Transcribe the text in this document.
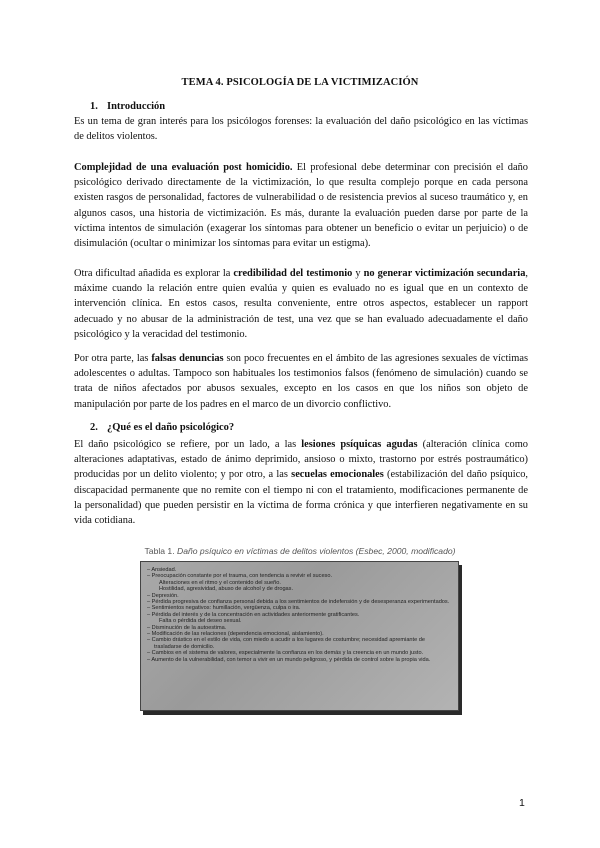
TEMA 4. PSICOLOGÍA DE LA VICTIMIZACIÓN
1. Introducción

Es un tema de gran interés para los psicólogos forenses: la evaluación del daño psicológico en las víctimas de delitos violentos.

Complejidad de una evaluación post homicidio. El profesional debe determinar con precisión el daño psicológico derivado directamente de la victimización, lo que resulta complejo porque en cada persona existen rasgos de personalidad, factores de vulnerabilidad o de resistencia previos al suceso traumático y, en algunos casos, una historia de victimización. Es más, durante la evaluación pueden darse por parte de la víctima intentos de simulación (exagerar los síntomas para obtener un beneficio o evitar un perjuicio) o de disimulación (ocultar o minimizar los síntomas para evitar un estigma).

Otra dificultad añadida es explorar la credibilidad del testimonio y no generar victimización secundaria, máxime cuando la relación entre quien evalúa y quien es evaluado no es igual que en un contexto de intervención clínica. En estos casos, resulta conveniente, entre otros aspectos, establecer un rapport adecuado y no abusar de la administración de test, una vez que se han evaluado adecuadamente el daño psicológico y la veracidad del testimonio.

Por otra parte, las falsas denuncias son poco frecuentes en el ámbito de las agresiones sexuales de víctimas adolescentes o adultas. Tampoco son habituales los testimonios falsos (fenómeno de simulación) cuando se trata de niños afectados por abusos sexuales, excepto en los casos en que los niños son objeto de manipulación por parte de los padres en el marco de un divorcio conflictivo.

2. ¿Qué es el daño psicológico?

El daño psicológico se refiere, por un lado, a las lesiones psíquicas agudas (alteración clínica como alteraciones adaptativas, estado de ánimo deprimido, ansioso o mixto, trastorno por estrés postraumático) producidas por un delito violento; y por otro, a las secuelas emocionales (estabilización del daño psíquico, discapacidad permanente que no remite con el tiempo ni con el tratamiento, modificaciones permanente de la personalidad) que pueden persistir en la víctima de forma crónica y que interfieren negativamente en su vida cotidiana.

Tabla 1. Daño psíquico en víctimas de delitos violentos (Esbec, 2000, modificado)
– Ansiedad.
– Preocupación constante por el trauma, con tendencia a revivir el suceso.
Alteraciones en el ritmo y el contenido del sueño.
Hostilidad, agresividad, abuso de alcohol y de drogas.
– Depresión.
– Pérdida progresiva de confianza personal debida a los sentimientos de indefensión y de desesperanza experimentados.
– Sentimientos negativos: humillación, vergüenza, culpa o ira.
– Pérdida del interés y de la concentración en actividades anteriormente gratificantes.
Falta o pérdida del deseo sexual.
– Disminución de la autoestima.
– Modificación de las relaciones (dependencia emocional, aislamiento).
– Cambio drástico en el estilo de vida, con miedo a acudir a los lugares de costumbre; necesidad apremiante de trasladarse de domicilio.
– Cambios en el sistema de valores, especialmente la confianza en los demás y la creencia en un mundo justo.
– Aumento de la vulnerabilidad, con temor a vivir en un mundo peligroso, y pérdida de control sobre la propia vida.
1
